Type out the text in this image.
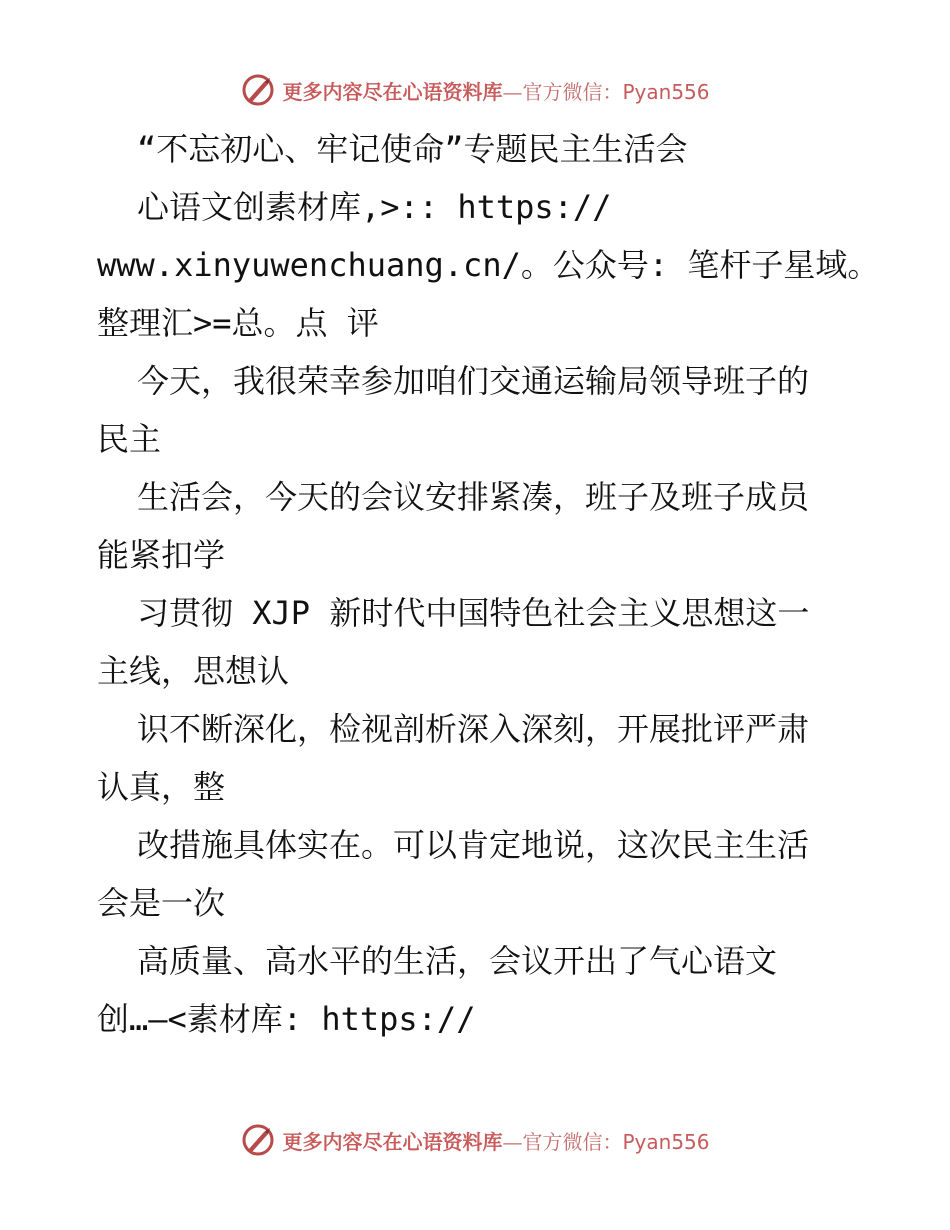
更多内容尽在心语资料库—官方微信：Pyan556
“不忘初心、牢记使命”专题民主生活会
心语文创素材库,>:: https://
www.xinyuwenchuang.cn/。公众号: 笔杆子星域。
整理汇>=总。点 评
今天，我很荣幸参加咱们交通运输局领导班子的
民主
生活会，今天的会议安排紧凑，班子及班子成员
能紧扣学
习贯彻 XJP 新时代中国特色社会主义思想这一
主线，思想认
识不断深化，检视剖析深入深刻，开展批评严肃
认真，整
改措施具体实在。可以肯定地说，这次民主生活
会是一次
高质量、高水平的生活，会议开出了气心语文
创…—<素材库: https://
更多内容尽在心语资料库—官方微信：Pyan556
